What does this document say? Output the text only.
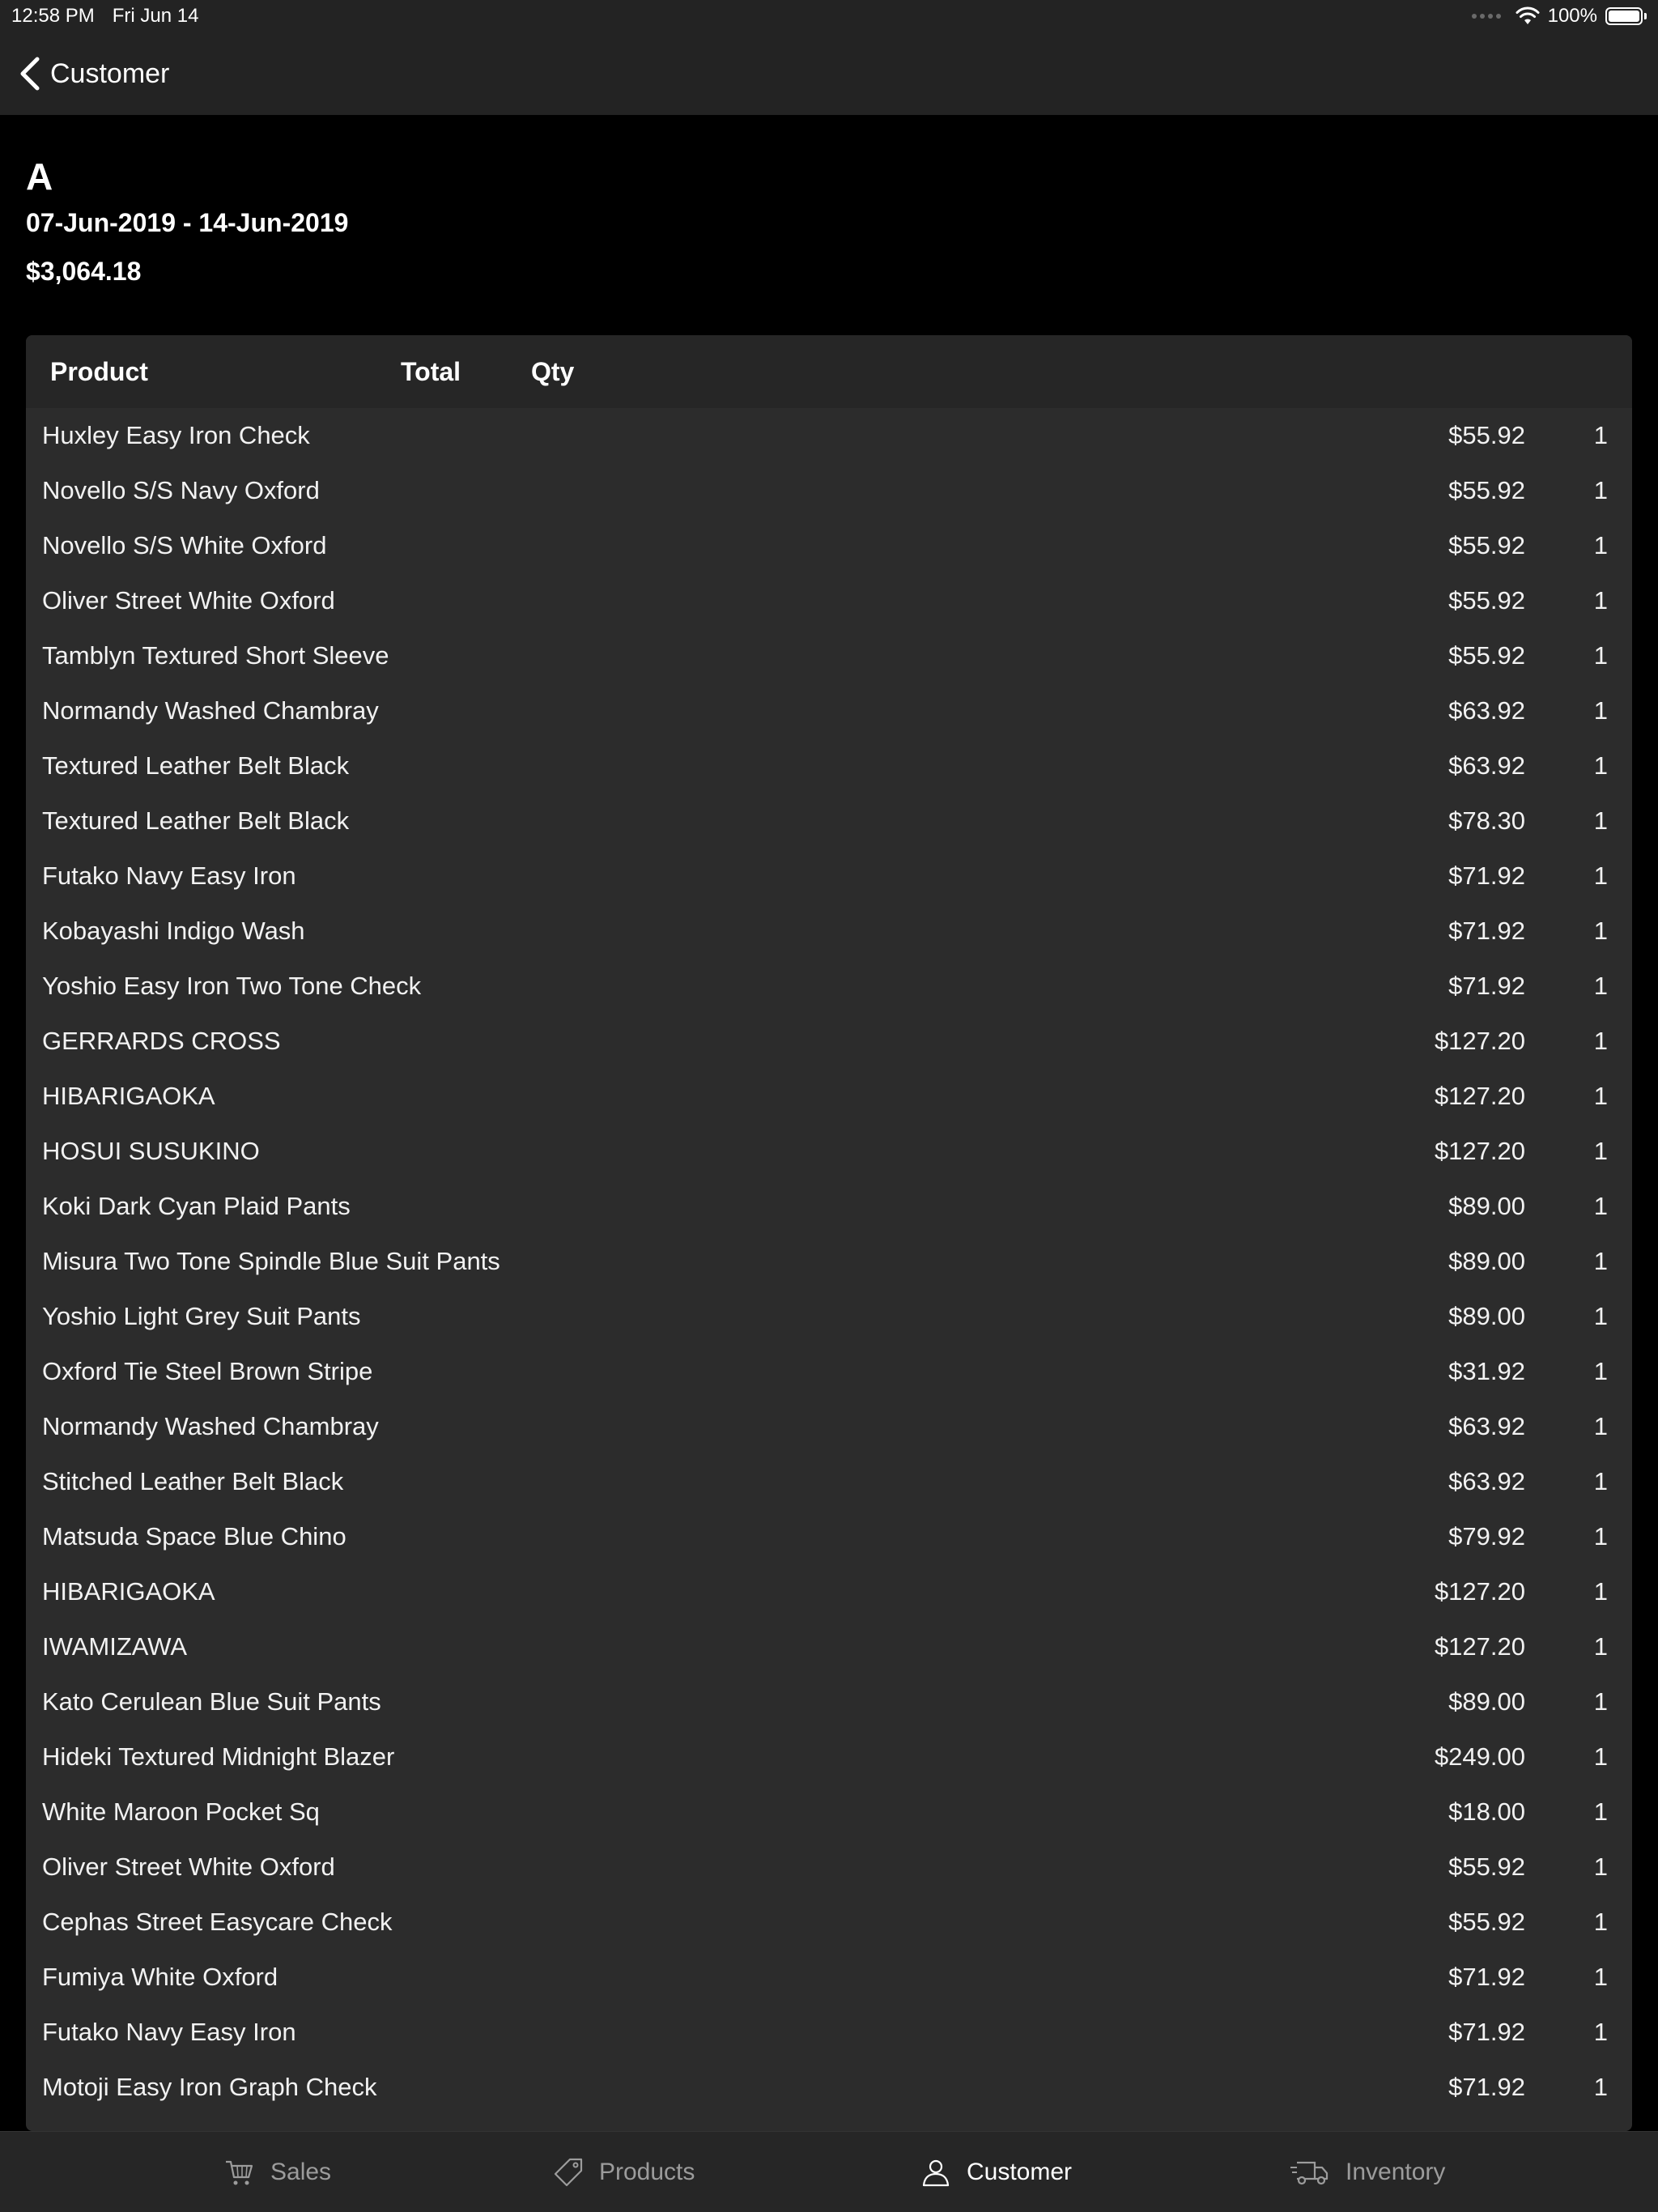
12:58 PM Fri Jun 14	100%
Customer
A
07-Jun-2019 - 14-Jun-2019
$3,064.18
Product	Total	Qty
Huxley Easy Iron Check	$55.92	1
Novello S/S Navy Oxford	$55.92	1
Novello S/S White Oxford	$55.92	1
Oliver Street White Oxford	$55.92	1
Tamblyn Textured Short Sleeve	$55.92	1
Normandy Washed Chambray	$63.92	1
Textured Leather Belt Black	$63.92	1
Textured Leather Belt Black	$78.30	1
Futako Navy Easy Iron	$71.92	1
Kobayashi Indigo Wash	$71.92	1
Yoshio Easy Iron Two Tone Check	$71.92	1
GERRARDS CROSS	$127.20	1
HIBARIGAOKA	$127.20	1
HOSUI SUSUKINO	$127.20	1
Koki Dark Cyan Plaid Pants	$89.00	1
Misura Two Tone Spindle Blue Suit Pants	$89.00	1
Yoshio Light Grey Suit Pants	$89.00	1
Oxford Tie Steel Brown Stripe	$31.92	1
Normandy Washed Chambray	$63.92	1
Stitched Leather Belt Black	$63.92	1
Matsuda Space Blue Chino	$79.92	1
HIBARIGAOKA	$127.20	1
IWAMIZAWA	$127.20	1
Kato Cerulean Blue Suit Pants	$89.00	1
Hideki Textured Midnight Blazer	$249.00	1
White Maroon Pocket Sq	$18.00	1
Oliver Street White Oxford	$55.92	1
Cephas Street Easycare Check	$55.92	1
Fumiya White Oxford	$71.92	1
Futako Navy Easy Iron	$71.92	1
Motoji Easy Iron Graph Check	$71.92	1
Sales	Products	Customer	Inventory
